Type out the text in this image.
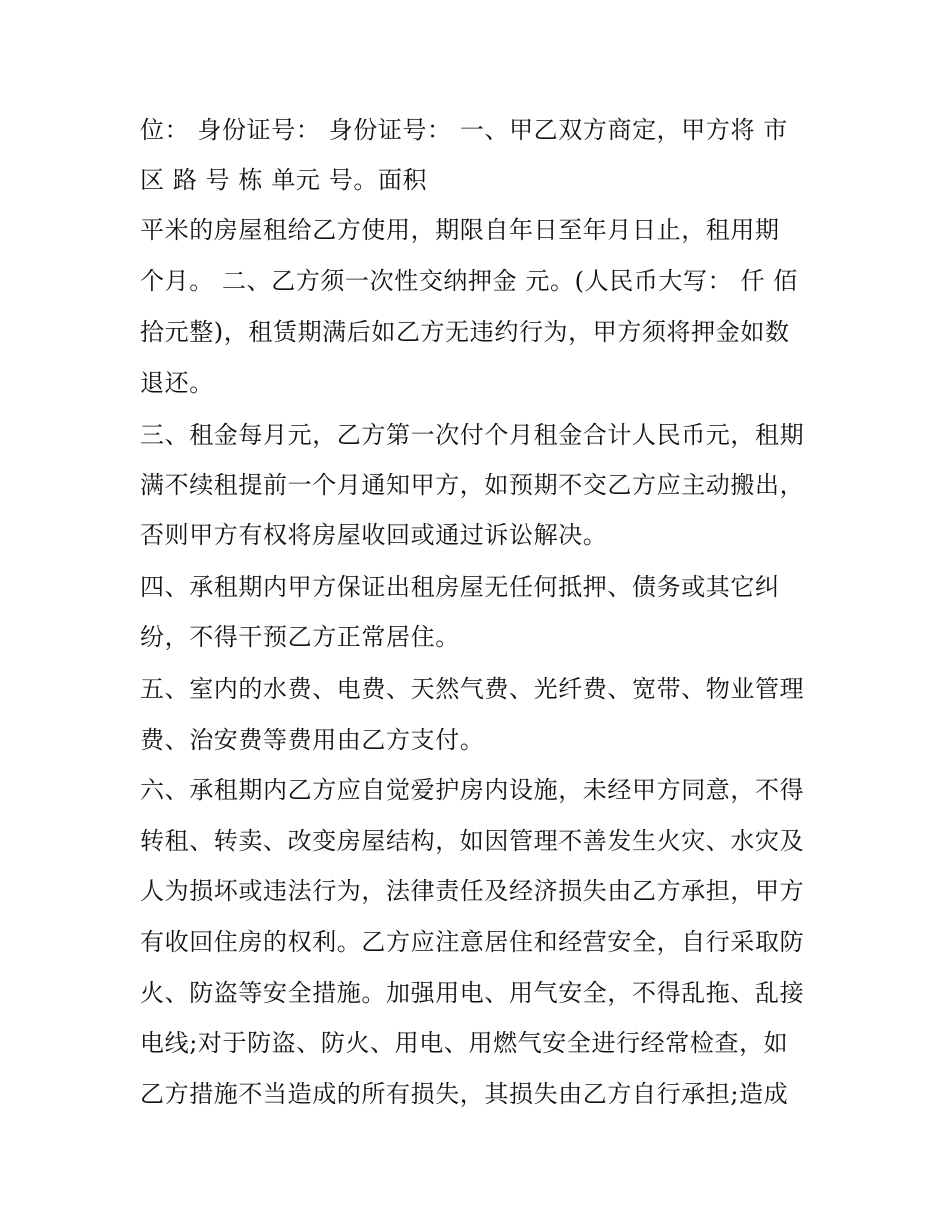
位： 身份证号： 身份证号： 一、甲乙双方商定，甲方将 市
区 路 号 栋 单元 号。面积
平米的房屋租给乙方使用，期限自年日至年月日止，租用期
个月。 二、乙方须一次性交纳押金 元。(人民币大写： 仟 佰
拾元整)，租赁期满后如乙方无违约行为，甲方须将押金如数
退还。
三、租金每月元，乙方第一次付个月租金合计人民币元，租期
满不续租提前一个月通知甲方，如预期不交乙方应主动搬出，
否则甲方有权将房屋收回或通过诉讼解决。
四、承租期内甲方保证出租房屋无任何抵押、债务或其它纠
纷，不得干预乙方正常居住。
五、室内的水费、电费、天然气费、光纤费、宽带、物业管理
费、治安费等费用由乙方支付。
六、承租期内乙方应自觉爱护房内设施，未经甲方同意，不得
转租、转卖、改变房屋结构，如因管理不善发生火灾、水灾及
人为损坏或违法行为，法律责任及经济损失由乙方承担，甲方
有收回住房的权利。乙方应注意居住和经营安全，自行采取防
火、防盗等安全措施。加强用电、用气安全，不得乱拖、乱接
电线;对于防盗、防火、用电、用燃气安全进行经常检查，如
乙方措施不当造成的所有损失，其损失由乙方自行承担;造成
